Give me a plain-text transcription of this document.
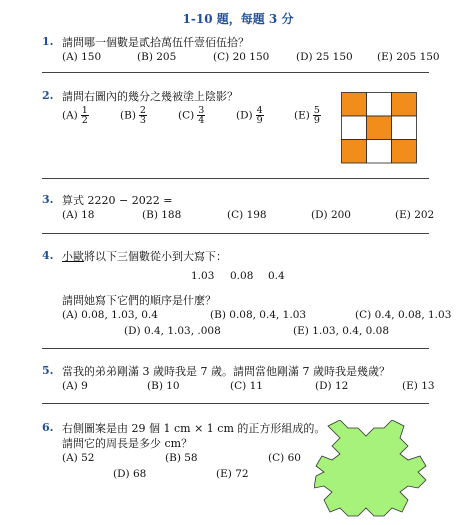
1-10 題，每題 3 分
1. 請問哪一個數是貳拾萬伍仟壹佰伍拾？
(A) 150	(B) 205	(C) 20 150	(D) 25 150 (E) 205 150
2. 請問右圖內的幾分之幾被塗上陰影？
$(A) \frac{1}{2}$	$(B) \frac{2}{3}$	$(C) \frac{3}{4}$	$(D) \frac{4}{9}$	$(E) \frac{5}{9}$
3. 算式 2220 − 2022 =
(A) 18	(B) 188	(C) 198	(D) 200	(E) 202
4. 小歐將以下三個數從小到大寫下：
1.03 0.08 0.4
請問她寫下它們的順序是什麼？
(A) 0.08, 1.03, 0.4	(B) 0.08, 0.4, 1.03	(C) 0.4, 0.08, 1.03
(D) 0.4, 1.03, .008	(E) 1.03, 0.4, 0.08
5. 當我的弟弟剛滿 3 歲時我是 7 歲。請問當他剛滿 7 歲時我是幾歲？
(A) 9	(B) 10	(C) 11	(D) 12	(E) 13
6. 右側圖案是由 29 個 1 cm × 1 cm 的正方形組成的。
請問它的周長是多少 cm？
(A) 52	(B) 58	(C) 60
(D) 68	(E) 72
